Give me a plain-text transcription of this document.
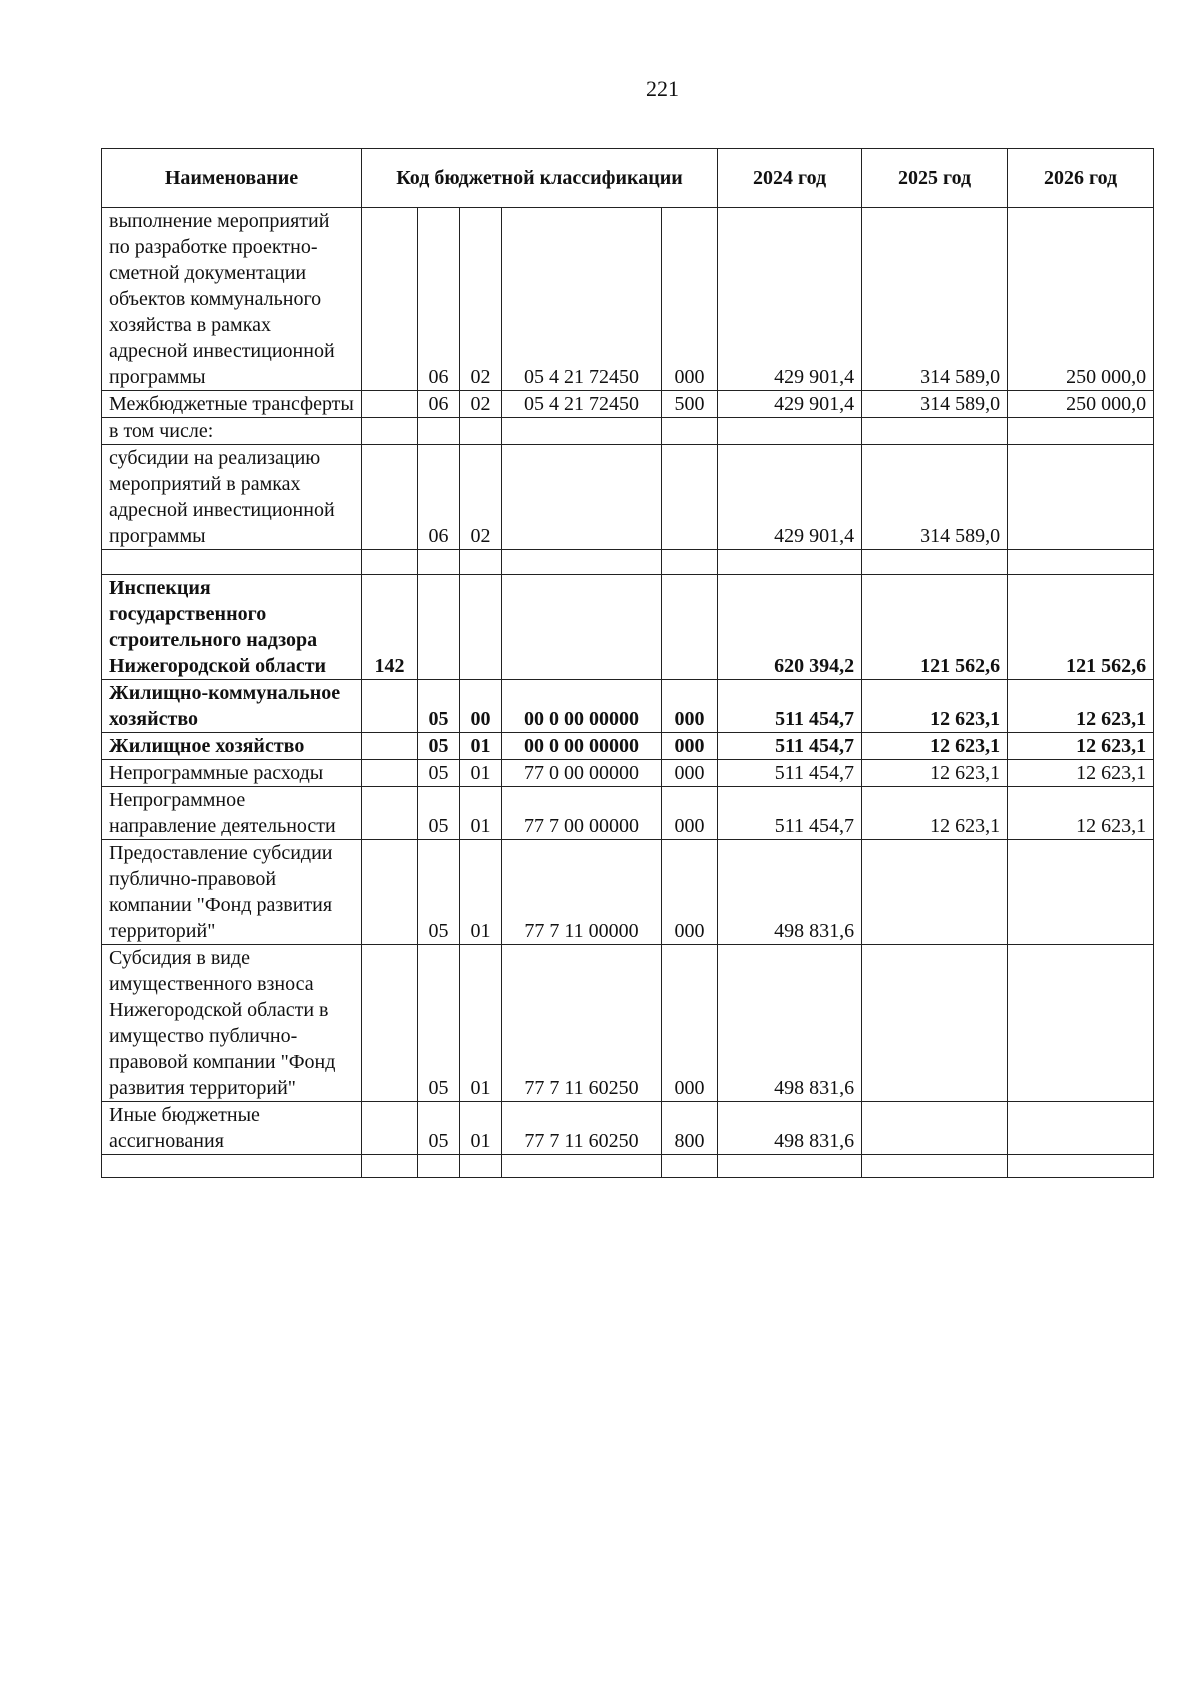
221
Наименование	Код бюджетной классификации					2024 год	2025 год	2026 год
выполнение мероприятий по разработке проектно-сметной документации объектов коммунального хозяйства в рамках адресной инвестиционной программы		06	02	05 4 21 72450	000	429 901,4	314 589,0	250 000,0
Межбюджетные трансферты		06	02	05 4 21 72450	500	429 901,4	314 589,0	250 000,0
в том числе:								
субсидии на реализацию мероприятий в рамках адресной инвестиционной программы		06	02			429 901,4	314 589,0	

Инспекция государственного строительного надзора Нижегородской области	142					620 394,2	121 562,6	121 562,6
Жилищно-коммунальное хозяйство		05	00	00 0 00 00000	000	511 454,7	12 623,1	12 623,1
Жилищное хозяйство		05	01	00 0 00 00000	000	511 454,7	12 623,1	12 623,1
Непрограммные расходы		05	01	77 0 00 00000	000	511 454,7	12 623,1	12 623,1
Непрограммное направление деятельности		05	01	77 7 00 00000	000	511 454,7	12 623,1	12 623,1
Предоставление субсидии публично-правовой компании "Фонд развития территорий"		05	01	77 7 11 00000	000	498 831,6		
Субсидия в виде имущественного взноса Нижегородской области в имущество публично-правовой компании "Фонд развития территорий"		05	01	77 7 11 60250	000	498 831,6		
Иные бюджетные ассигнования		05	01	77 7 11 60250	800	498 831,6		
